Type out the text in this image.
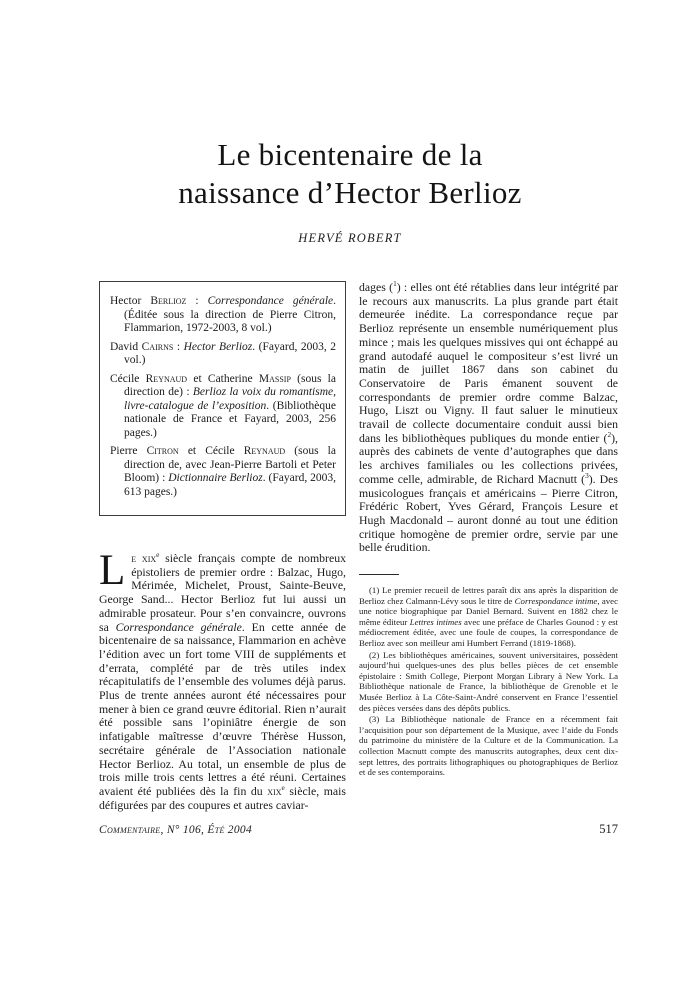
Le bicentenaire de la
naissance d’Hector Berlioz
HERVÉ ROBERT

Hector Berlioz : Correspondance générale. (Éditée sous la direction de Pierre Citron, Flammarion, 1972-2003, 8 vol.)

David Cairns : Hector Berlioz. (Fayard, 2003, 2 vol.)

Cécile Reynaud et Catherine Massip (sous la direction de) : Berlioz la voix du romantisme, livre-catalogue de l’exposition. (Bibliothèque nationale de France et Fayard, 2003, 256 pages.)

Pierre Citron et Cécile Reynaud (sous la direction de, avec Jean-Pierre Bartoli et Peter Bloom) : Dictionnaire Berlioz. (Fayard, 2003, 613 pages.)

Le xix$^e$ siècle français compte de nombreux épistoliers de premier ordre : Balzac, Hugo, Mérimée, Michelet, Proust, Sainte-Beuve, George Sand... Hector Berlioz fut lui aussi un admirable prosateur. Pour s’en convaincre, ouvrons sa Correspondance générale. En cette année de bicentenaire de sa naissance, Flammarion en achève l’édition avec un fort tome VIII de suppléments et d’errata, complété par de très utiles index récapitulatifs de l’ensemble des volumes déjà parus. Plus de trente années auront été nécessaires pour mener à bien ce grand œuvre éditorial. Rien n’aurait été possible sans l’opiniâtre énergie de son infatigable maîtresse d’œuvre Thérèse Husson, secrétaire générale de l’Association nationale Hector Berlioz. Au total, un ensemble de plus de trois mille trois cents lettres a été réuni. Certaines avaient été publiées dès la fin du xix$^e$ siècle, mais défigurées par des coupures et autres caviar-

dages ($^1$) : elles ont été rétablies dans leur intégrité par le recours aux manuscrits. La plus grande part était demeurée inédite. La correspondance reçue par Berlioz représente un ensemble numériquement plus mince ; mais les quelques missives qui ont échappé au grand autodafé auquel le compositeur s’est livré un matin de juillet 1867 dans son cabinet du Conservatoire de Paris émanent souvent de correspondants de premier ordre comme Balzac, Hugo, Liszt ou Vigny. Il faut saluer le minutieux travail de collecte documentaire conduit aussi bien dans les bibliothèques publiques du monde entier ($^2$), auprès des cabinets de vente d’autographes que dans les archives familiales ou les collections privées, comme celle, admirable, de Richard Macnutt ($^3$). Des musicologues français et américains – Pierre Citron, Frédéric Robert, Yves Gérard, François Lesure et Hugh Macdonald – auront donné au tout une édition critique homogène de premier ordre, servie par une belle érudition.

(1) Le premier recueil de lettres paraît dix ans après la disparition de Berlioz chez Calmann-Lévy sous le titre de Correspondance intime, avec une notice biographique par Daniel Bernard. Suivent en 1882 chez le même éditeur Lettres intimes avec une préface de Charles Gounod : y est médiocrement éditée, avec une foule de coupes, la correspondance de Berlioz avec son meilleur ami Humbert Ferrand (1819-1868).

(2) Les bibliothèques américaines, souvent universitaires, possèdent aujourd’hui quelques-unes des plus belles pièces de cet ensemble épistolaire : Smith College, Pierpont Morgan Library à New York. La Bibliothèque nationale de France, la bibliothèque de Grenoble et le Musée Berlioz à La Côte-Saint-André conservent en France l’essentiel des pièces versées dans des dépôts publics.

(3) La Bibliothèque nationale de France en a récemment fait l’acquisition pour son département de la Musique, avec l’aide du Fonds du patrimoine du ministère de la Culture et de la Communication. La collection Macnutt compte des manuscrits autographes, deux cent dix-sept lettres, des portraits lithographiques ou photographiques de Berlioz et de ses contemporains.

Commentaire, N° 106, Été 2004	517
